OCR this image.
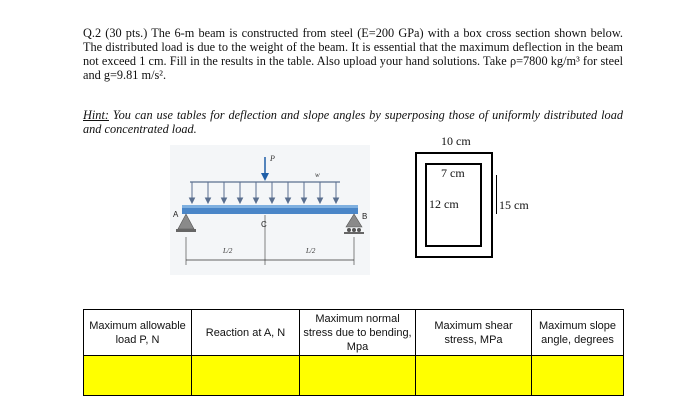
Q.2 (30 pts.) The 6-m beam is constructed from steel (E=200 GPa) with a box cross section shown below. The distributed load is due to the weight of the beam. It is essential that the maximum deflection in the beam not exceed 1 cm. Fill in the results in the table. Also upload your hand solutions. Take ρ=7800 kg/m³ for steel and g=9.81 m/s².
Hint: You can use tables for deflection and slope angles by superposing those of uniformly distributed load and concentrated load.
P
w
A	B
C
L/2	L/2
10 cm
7 cm
12 cm	15 cm
Maximum allowable load P, N	Reaction at A, N	Maximum normal stress due to bending, Mpa	Maximum shear stress, MPa	Maximum slope angle, degrees
